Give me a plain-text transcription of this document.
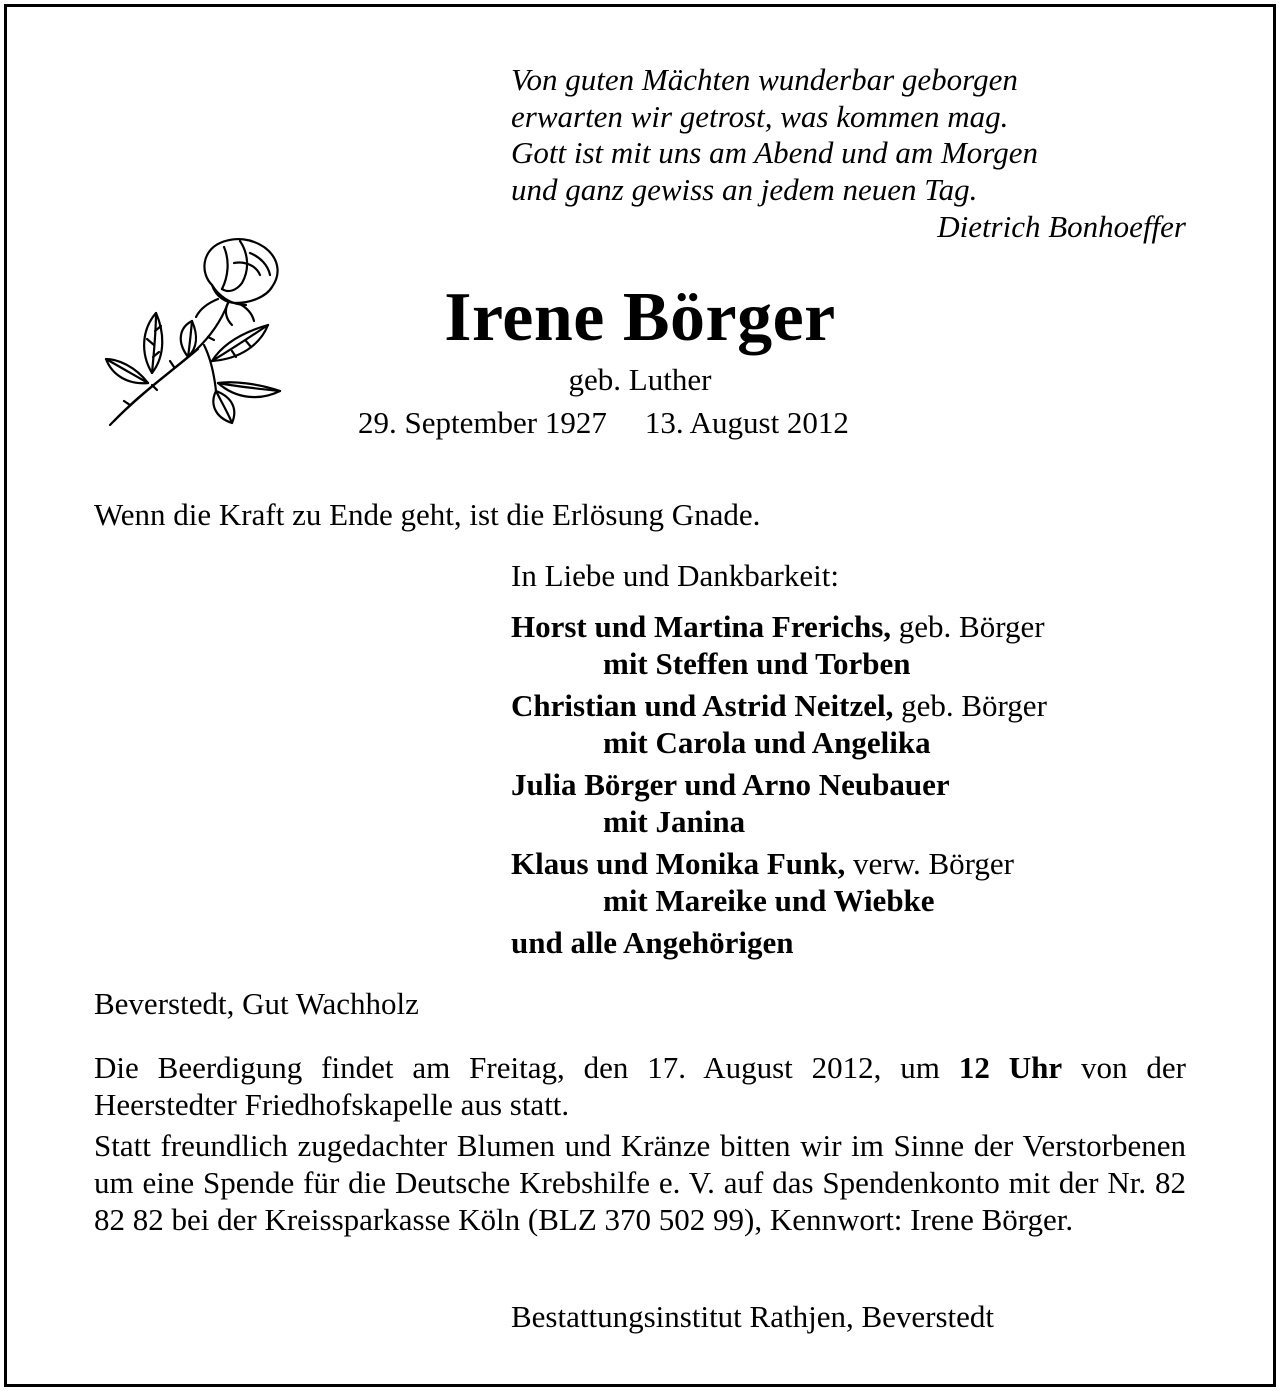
Von guten Mächten wunderbar geborgen
erwarten wir getrost, was kommen mag.
Gott ist mit uns am Abend und am Morgen
und ganz gewiss an jedem neuen Tag.
Dietrich Bonhoeffer
Irene Börger
geb. Luther
29. September 1927 13. August 2012
Wenn die Kraft zu Ende geht, ist die Erlösung Gnade.
In Liebe und Dankbarkeit:
Horst und Martina Frerichs, geb. Börger
mit Steffen und Torben
Christian und Astrid Neitzel, geb. Börger
mit Carola und Angelika
Julia Börger und Arno Neubauer
mit Janina
Klaus und Monika Funk, verw. Börger
mit Mareike und Wiebke
und alle Angehörigen
Beverstedt, Gut Wachholz
Die Beerdigung findet am Freitag, den 17. August 2012, um 12 Uhr von der Heerstedter Friedhofskapelle aus statt.
Statt freundlich zugedachter Blumen und Kränze bitten wir im Sinne der Verstorbenen um eine Spende für die Deutsche Krebshilfe e. V. auf das Spendenkonto mit der Nr. 82 82 82 bei der Kreissparkasse Köln (BLZ 370 502 99), Kennwort: Irene Börger.
Bestattungsinstitut Rathjen, Beverstedt
